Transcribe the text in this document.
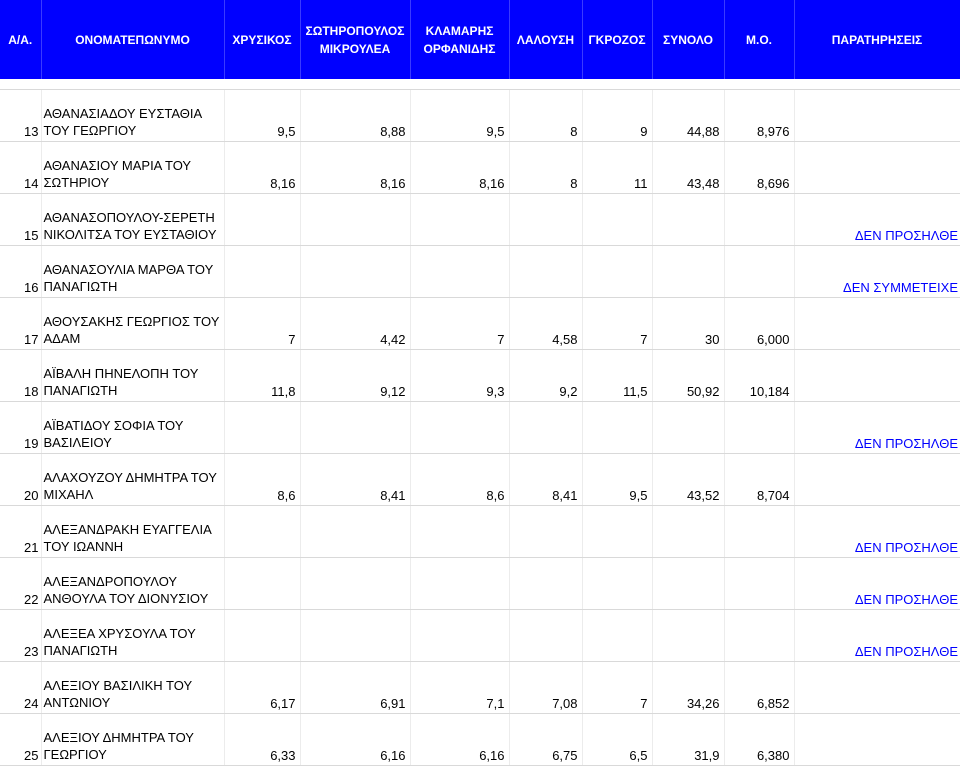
Α/Α.	ΟΝΟΜΑΤΕΠΩΝΥΜΟ	ΧΡΥΣΙΚΟΣ	ΣΩΤΗΡΟΠΟΥΛΟΣ ΜΙΚΡΟΥΛΕΑ	ΚΛΑΜΑΡΗΣ ΟΡΦΑΝΙΔΗΣ	ΛΑΛΟΥΣΗ	ΓΚΡΟΖΟΣ	ΣΥΝΟΛΟ	Μ.Ο.	ΠΑΡΑΤΗΡΗΣΕΙΣ

13	ΑΘΑΝΑΣΙΑΔΟΥ ΕΥΣΤΑΘΙΑ
ΤΟΥ ΓΕΩΡΓΙΟΥ	9,5	8,88	9,5	8	9	44,88	8,976	
14	ΑΘΑΝΑΣΙΟΥ ΜΑΡΙΑ ΤΟΥ
ΣΩΤΗΡΙΟΥ	8,16	8,16	8,16	8	11	43,48	8,696	
15	ΑΘΑΝΑΣΟΠΟΥΛΟΥ-ΣΕΡΕΤΗ
ΝΙΚΟΛΙΤΣΑ ΤΟΥ ΕΥΣΤΑΘΙΟΥ								ΔΕΝ ΠΡΟΣΗΛΘΕ
16	ΑΘΑΝΑΣΟΥΛΙΑ ΜΑΡΘΑ ΤΟΥ
ΠΑΝΑΓΙΩΤΗ								ΔΕΝ ΣΥΜΜΕΤΕΙΧΕ
17	ΑΘΟΥΣΑΚΗΣ ΓΕΩΡΓΙΟΣ ΤΟΥ
ΑΔΑΜ	7	4,42	7	4,58	7	30	6,000	
18	ΑΪΒΑΛΗ ΠΗΝΕΛΟΠΗ ΤΟΥ
ΠΑΝΑΓΙΩΤΗ	11,8	9,12	9,3	9,2	11,5	50,92	10,184	
19	ΑΪΒΑΤΙΔΟΥ ΣΟΦΙΑ ΤΟΥ
ΒΑΣΙΛΕΙΟΥ								ΔΕΝ ΠΡΟΣΗΛΘΕ
20	ΑΛΑΧΟΥΖΟΥ ΔΗΜΗΤΡΑ ΤΟΥ
ΜΙΧΑΗΛ	8,6	8,41	8,6	8,41	9,5	43,52	8,704	
21	ΑΛΕΞΑΝΔΡΑΚΗ ΕΥΑΓΓΕΛΙΑ
ΤΟΥ ΙΩΑΝΝΗ								ΔΕΝ ΠΡΟΣΗΛΘΕ
22	ΑΛΕΞΑΝΔΡΟΠΟΥΛΟΥ
ΑΝΘΟΥΛΑ ΤΟΥ ΔΙΟΝΥΣΙΟΥ								ΔΕΝ ΠΡΟΣΗΛΘΕ
23	ΑΛΕΞΕΑ ΧΡΥΣΟΥΛΑ ΤΟΥ
ΠΑΝΑΓΙΩΤΗ								ΔΕΝ ΠΡΟΣΗΛΘΕ
24	ΑΛΕΞΙΟΥ ΒΑΣΙΛΙΚΗ ΤΟΥ
ΑΝΤΩΝΙΟΥ	6,17	6,91	7,1	7,08	7	34,26	6,852	
25	ΑΛΕΞΙΟΥ ΔΗΜΗΤΡΑ ΤΟΥ
ΓΕΩΡΓΙΟΥ	6,33	6,16	6,16	6,75	6,5	31,9	6,380	
